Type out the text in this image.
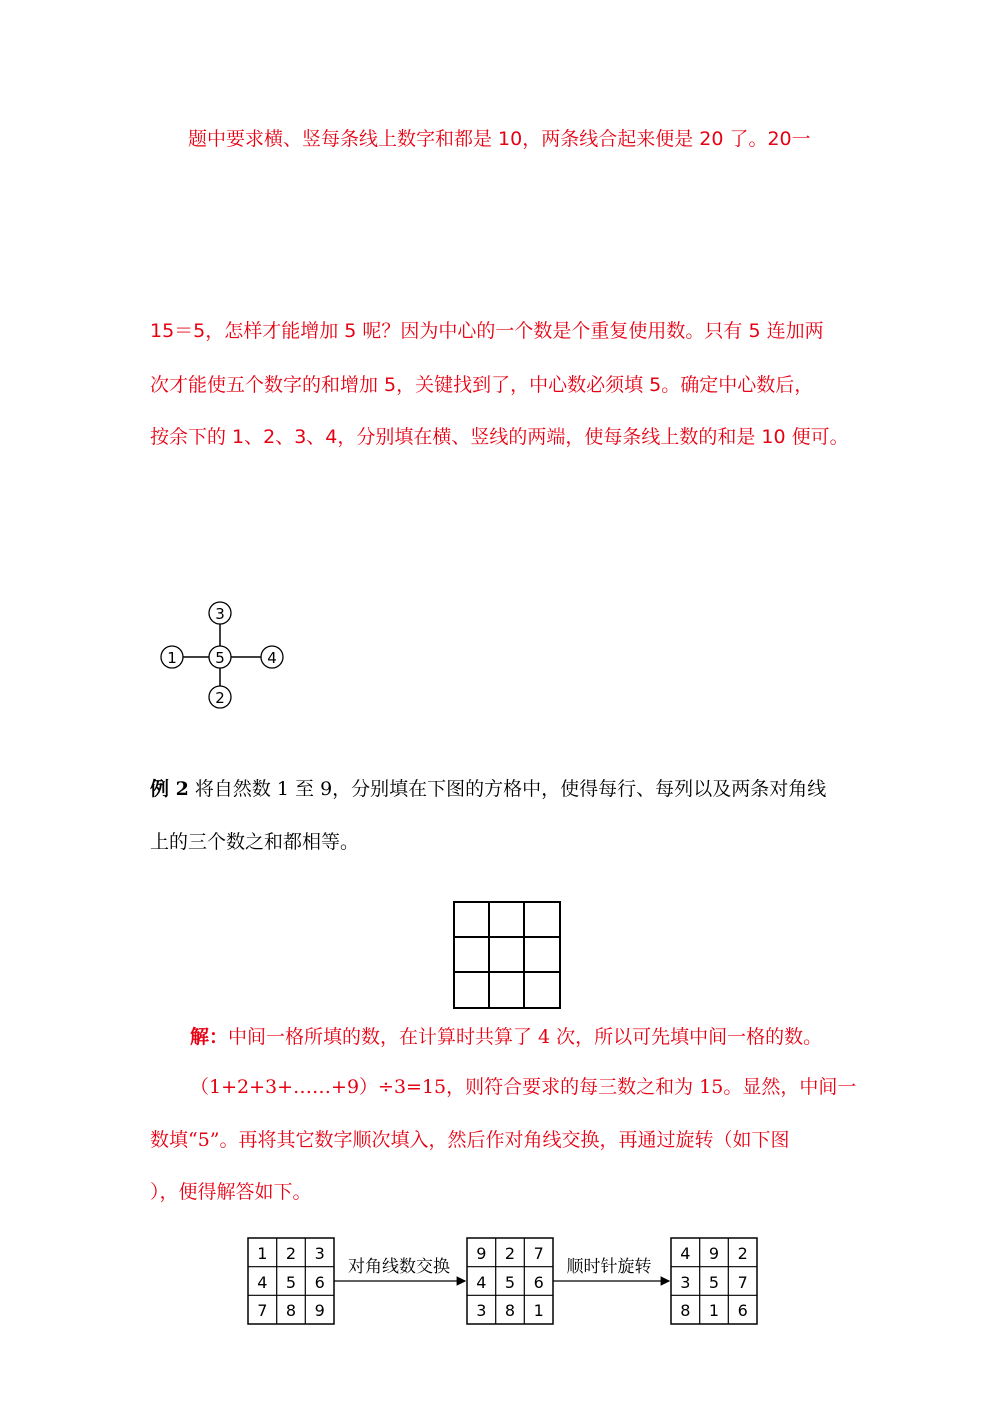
题中要求横、竖每条线上数字和都是 10，两条线合起来便是 20 了。20一
15＝5，怎样才能增加 5 呢？因为中心的一个数是个重复使用数。只有 5 连加两
次才能使五个数字的和增加 5，关键找到了，中心数必须填 5。确定中心数后，
按余下的 1、2、3、4，分别填在横、竖线的两端，使每条线上数的和是 10 便可。
3
1	5	4
2
例 2 将自然数 1 至 9，分别填在下图的方格中，使得每行、每列以及两条对角线
上的三个数之和都相等。
解：中间一格所填的数，在计算时共算了 4 次，所以可先填中间一格的数。
（1+2+3+……+9）÷3=15，则符合要求的每三数之和为 15。显然，中间一
数填“5”。再将其它数字顺次填入，然后作对角线交换，再通过旋转（如下图
），便得解答如下。
1 2 3
4 5 6
7 8 9
对角线数交换
9 2 7
4 5 6
3 8 1
顺时针旋转
4 9 2
3 5 7
8 1 6
